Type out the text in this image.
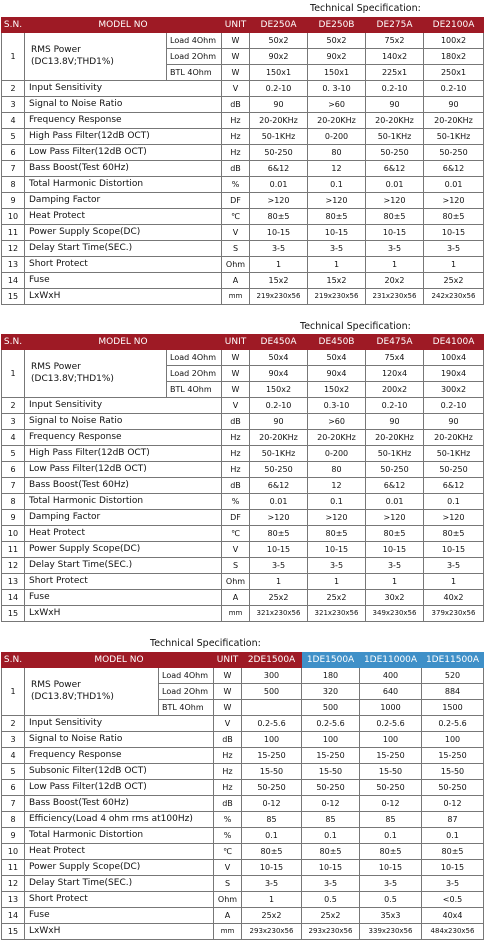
Technical Specification:
S.N.	MODEL NO		UNIT	DE250A	DE250B	DE275A	DE2100A
1	RMS Power
(DC13.8V;THD1%)	Load 4Ohm	W	50x2	50x2	75x2	100x2
		Load 2Ohm	W	90x2	90x2	140x2	180x2
		BTL 4Ohm	W	150x1	150x1	225x1	250x1
2	Input Sensitivity		V	0.2-10	0. 3-10	0.2-10	0.2-10
3	Signal to Noise Ratio		dB	90	>60	90	90
4	Frequency Response		Hz	20-20KHz	20-20KHz	20-20KHz	20-20KHz
5	High Pass Filter(12dB OCT)		Hz	50-1KHz	0-200	50-1KHz	50-1KHz
6	Low Pass Filter(12dB OCT)		Hz	50-250	80	50-250	50-250
7	Bass Boost(Test 60Hz)		dB	6&12	12	6&12	6&12
8	Total Harmonic Distortion		%	0.01	0.1	0.01	0.01
9	Damping Factor		DF	>120	>120	>120	>120
10	Heat Protect		℃	80±5	80±5	80±5	80±5
11	Power Supply Scope(DC)		V	10-15	10-15	10-15	10-15
12	Delay Start Time(SEC.)		S	3-5	3-5	3-5	3-5
13	Short Protect		Ohm	1	1	1	1
14	Fuse		A	15x2	15x2	20x2	25x2
15	LxWxH		mm	219x230x56	219x230x56	231x230x56	242x230x56
Technical Specification:
S.N.	MODEL NO		UNIT	DE450A	DE450B	DE475A	DE4100A
1	RMS Power
(DC13.8V;THD1%)	Load 4Ohm	W	50x4	50x4	75x4	100x4
		Load 2Ohm	W	90x4	90x4	120x4	190x4
		BTL 4Ohm	W	150x2	150x2	200x2	300x2
2	Input Sensitivity		V	0.2-10	0.3-10	0.2-10	0.2-10
3	Signal to Noise Ratio		dB	90	>60	90	90
4	Frequency Response		Hz	20-20KHz	20-20KHz	20-20KHz	20-20KHz
5	High Pass Filter(12dB OCT)		Hz	50-1KHz	0-200	50-1KHz	50-1KHz
6	Low Pass Filter(12dB OCT)		Hz	50-250	80	50-250	50-250
7	Bass Boost(Test 60Hz)		dB	6&12	12	6&12	6&12
8	Total Harmonic Distortion		%	0.01	0.1	0.01	0.1
9	Damping Factor		DF	>120	>120	>120	>120
10	Heat Protect		℃	80±5	80±5	80±5	80±5
11	Power Supply Scope(DC)		V	10-15	10-15	10-15	10-15
12	Delay Start Time(SEC.)		S	3-5	3-5	3-5	3-5
13	Short Protect		Ohm	1	1	1	1
14	Fuse		A	25x2	25x2	30x2	40x2
15	LxWxH		mm	321x230x56	321x230x56	349x230x56	379x230x56
Technical Specification:
S.N.	MODEL NO		UNIT	2DE1500A	1DE1500A	1DE11000A	1DE11500A
1	RMS Power
(DC13.8V;THD1%)	Load 4Ohm	W	300	180	400	520
		Load 2Ohm	W	500	320	640	884
		BTL 4Ohm	W		500	1000	1500
2	Input Sensitivity		V	0.2-5.6	0.2-5.6	0.2-5.6	0.2-5.6
3	Signal to Noise Ratio		dB	100	100	100	100
4	Frequency Response		Hz	15-250	15-250	15-250	15-250
5	Subsonic Filter(12dB OCT)		Hz	15-50	15-50	15-50	15-50
6	Low Pass Filter(12dB OCT)		Hz	50-250	50-250	50-250	50-250
7	Bass Boost(Test 60Hz)		dB	0-12	0-12	0-12	0-12
8	Efficiency(Load 4 ohm rms at100Hz)		%	85	85	85	87
9	Total Harmonic Distortion		%	0.1	0.1	0.1	0.1
10	Heat Protect		℃	80±5	80±5	80±5	80±5
11	Power Supply Scope(DC)		V	10-15	10-15	10-15	10-15
12	Delay Start Time(SEC.)		S	3-5	3-5	3-5	3-5
13	Short Protect		Ohm	1	0.5	0.5	<0.5
14	Fuse		A	25x2	25x2	35x3	40x4
15	LxWxH		mm	293x230x56	293x230x56	339x230x56	484x230x56
